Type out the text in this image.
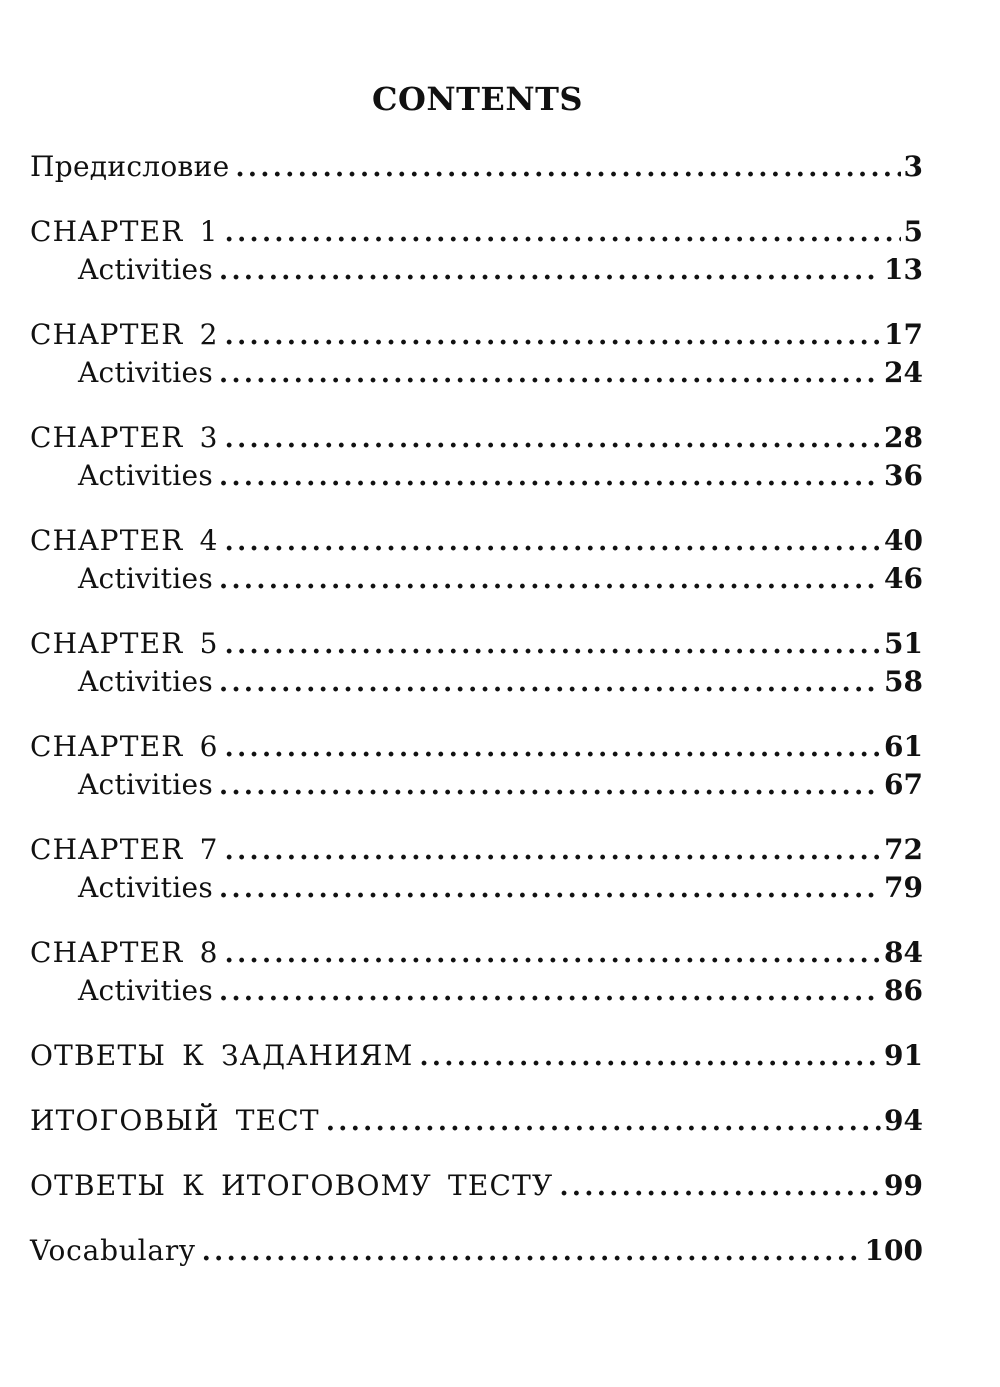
CONTENTS
Предисловие .....	3
CHAPTER 1 .....	5
Activities .....	13
CHAPTER 2 .....	17
Activities .....	24
CHAPTER 3 .....	28
Activities .....	36
CHAPTER 4 .....	40
Activities .....	46
CHAPTER 5 .....	51
Activities .....	58
CHAPTER 6 .....	61
Activities .....	67
CHAPTER 7 .....	72
Activities .....	79
CHAPTER 8 .....	84
Activities .....	86
ОТВЕТЫ К ЗАДАНИЯМ .....	91
ИТОГОВЫЙ ТЕСТ .....	94
ОТВЕТЫ К ИТОГОВОМУ ТЕСТУ .....	99
Vocabulary .....	100
